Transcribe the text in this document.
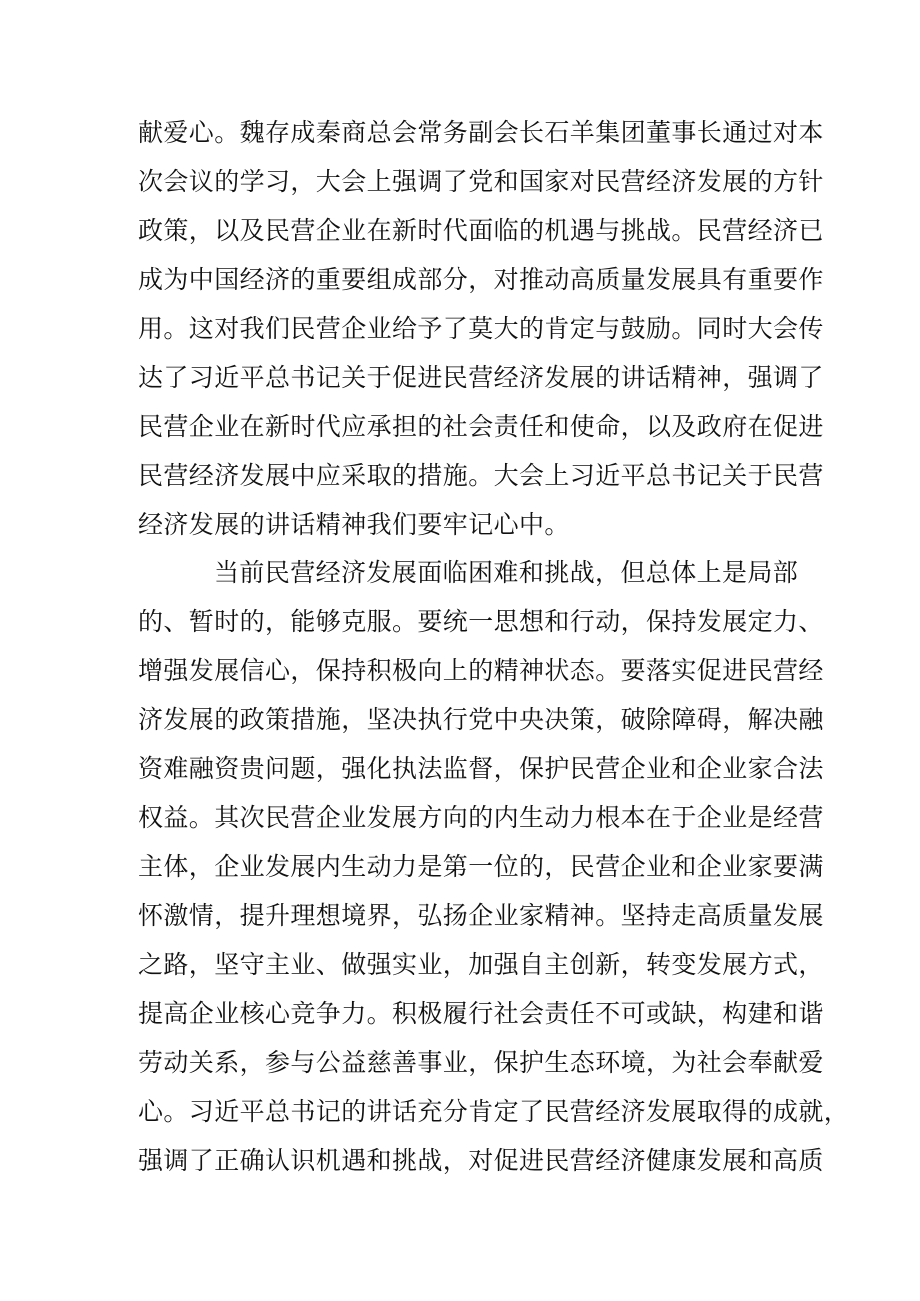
献爱心。魏存成秦商总会常务副会长石羊集团董事长通过对本
次会议的学习，大会上强调了党和国家对民营经济发展的方针
政策，以及民营企业在新时代面临的机遇与挑战。民营经济已
成为中国经济的重要组成部分，对推动高质量发展具有重要作
用。这对我们民营企业给予了莫大的肯定与鼓励。同时大会传
达了习近平总书记关于促进民营经济发展的讲话精神，强调了
民营企业在新时代应承担的社会责任和使命，以及政府在促进
民营经济发展中应采取的措施。大会上习近平总书记关于民营
经济发展的讲话精神我们要牢记心中。
当前民营经济发展面临困难和挑战，但总体上是局部
的、暂时的，能够克服。要统一思想和行动，保持发展定力、
增强发展信心，保持积极向上的精神状态。要落实促进民营经
济发展的政策措施，坚决执行党中央决策，破除障碍，解决融
资难融资贵问题，强化执法监督，保护民营企业和企业家合法
权益。其次民营企业发展方向的内生动力根本在于企业是经营
主体，企业发展内生动力是第一位的，民营企业和企业家要满
怀激情，提升理想境界，弘扬企业家精神。坚持走高质量发展
之路，坚守主业、做强实业，加强自主创新，转变发展方式，
提高企业核心竞争力。积极履行社会责任不可或缺，构建和谐
劳动关系，参与公益慈善事业，保护生态环境，为社会奉献爱
心。习近平总书记的讲话充分肯定了民营经济发展取得的成就，
强调了正确认识机遇和挑战，对促进民营经济健康发展和高质
